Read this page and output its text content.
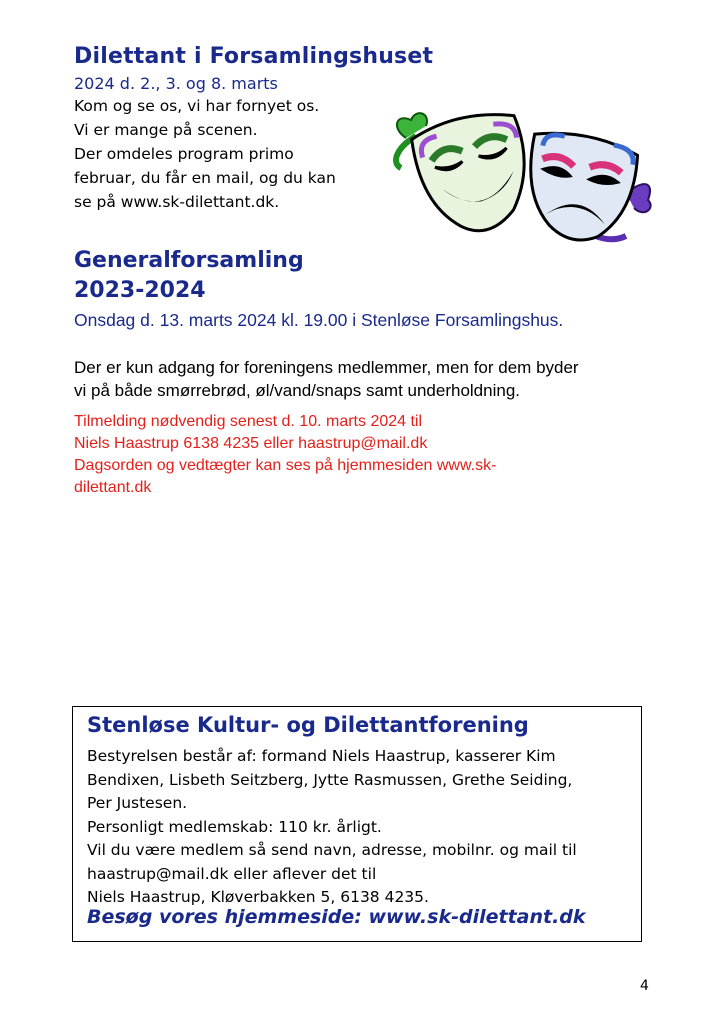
Dilettant i Forsamlingshuset
2024 d. 2., 3. og 8. marts
Kom og se os, vi har fornyet os.
Vi er mange på scenen.
Der omdeles program primo
februar, du får en mail, og du kan
se på www.sk-dilettant.dk.
Generalforsamling
2023-2024
Onsdag d. 13. marts 2024 kl. 19.00 i Stenløse Forsamlingshus.
Der er kun adgang for foreningens medlemmer, men for dem byder
vi på både smørrebrød, øl/vand/snaps samt underholdning.
Tilmelding nødvendig senest d. 10. marts 2024 til
Niels Haastrup 6138 4235 eller haastrup@mail.dk
Dagsorden og vedtægter kan ses på hjemmesiden www.sk-
dilettant.dk
Stenløse Kultur- og Dilettantforening
Bestyrelsen består af: formand Niels Haastrup, kasserer Kim
Bendixen, Lisbeth Seitzberg, Jytte Rasmussen, Grethe Seiding,
Per Justesen.
Personligt medlemskab: 110 kr. årligt.
Vil du være medlem så send navn, adresse, mobilnr. og mail til
haastrup@mail.dk eller aflever det til
Niels Haastrup, Kløverbakken 5, 6138 4235.
Besøg vores hjemmeside: www.sk-dilettant.dk
4
